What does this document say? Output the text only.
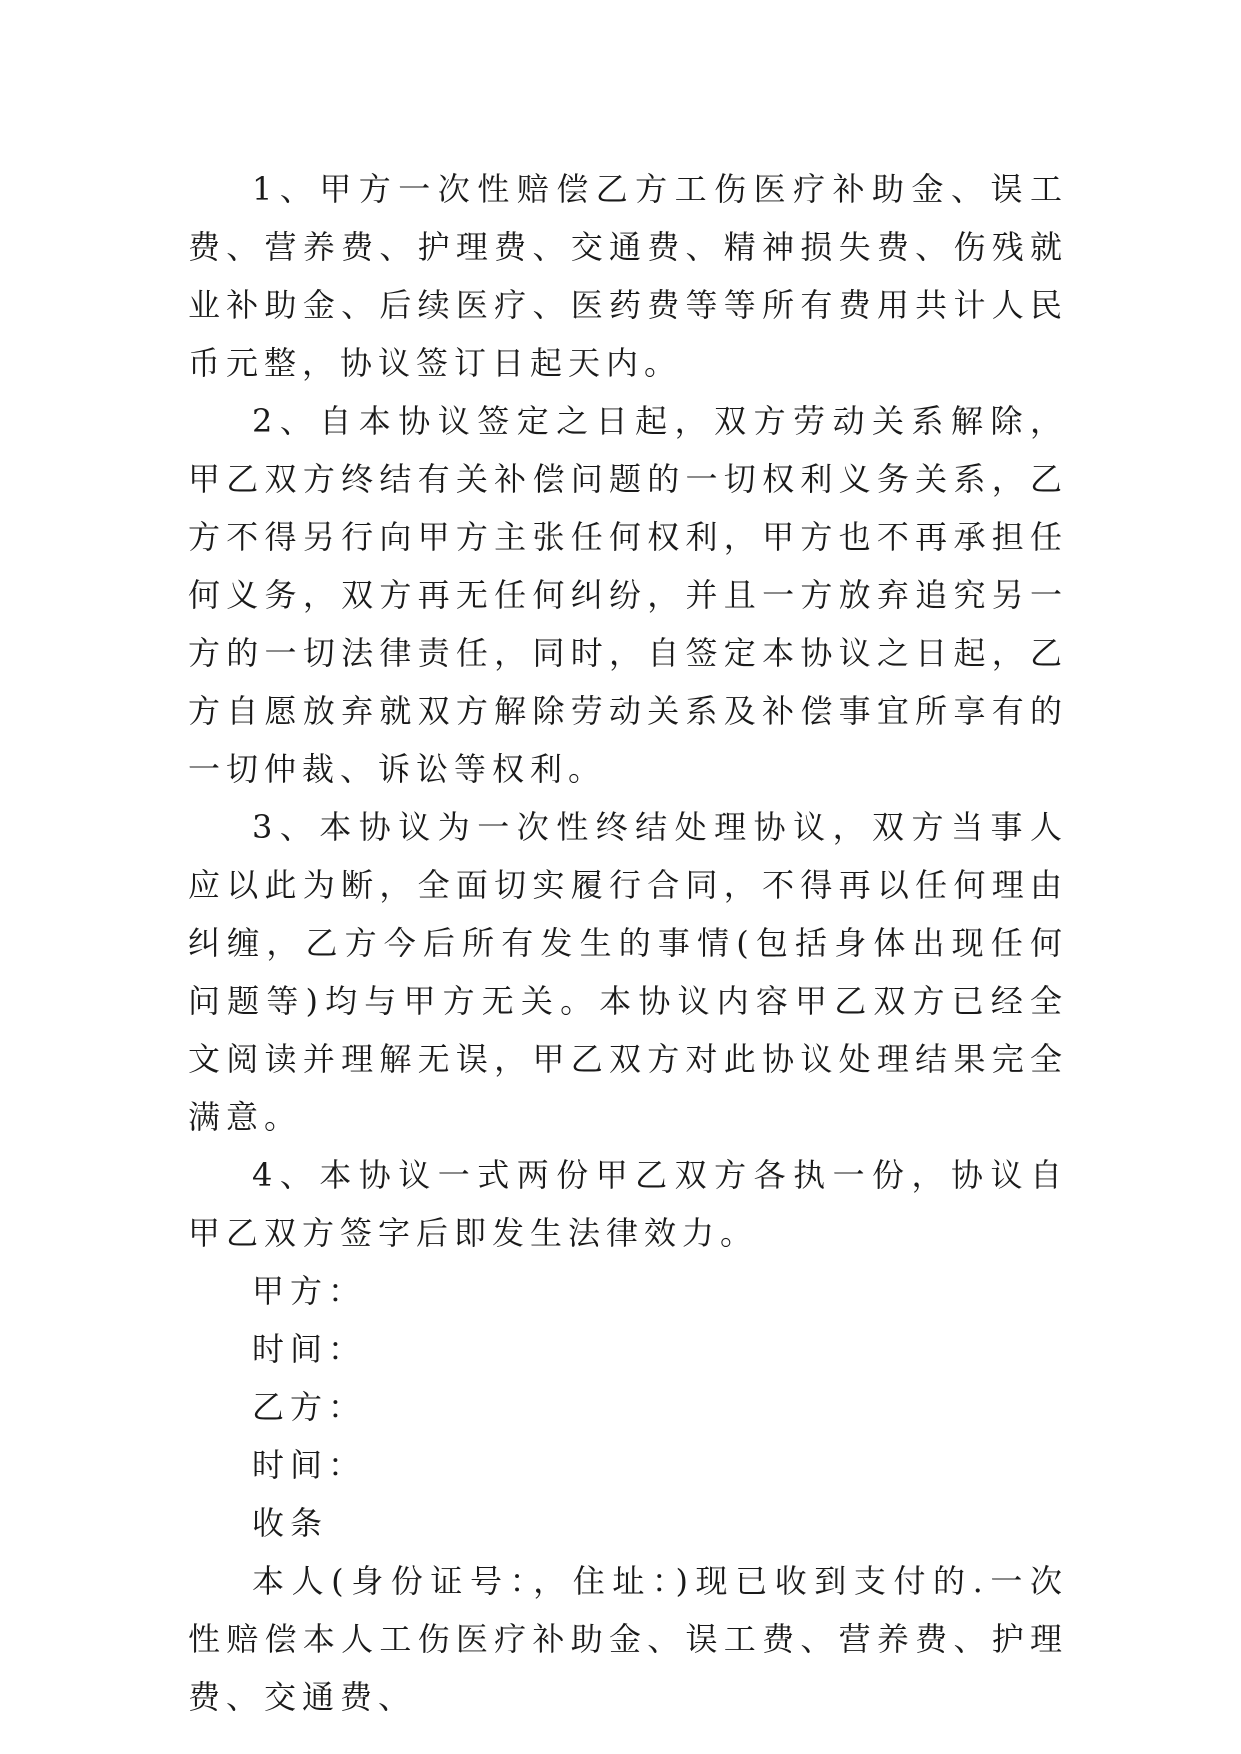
1、甲方一次性赔偿乙方工伤医疗补助金、误工费、营养费、护理费、交通费、精神损失费、伤残就业补助金、后续医疗、医药费等等所有费用共计人民币元整，协议签订日起天内。

2、自本协议签定之日起，双方劳动关系解除，甲乙双方终结有关补偿问题的一切权利义务关系，乙方不得另行向甲方主张任何权利，甲方也不再承担任何义务，双方再无任何纠纷，并且一方放弃追究另一方的一切法律责任，同时，自签定本协议之日起，乙方自愿放弃就双方解除劳动关系及补偿事宜所享有的一切仲裁、诉讼等权利。

3、本协议为一次性终结处理协议，双方当事人应以此为断，全面切实履行合同，不得再以任何理由纠缠，乙方今后所有发生的事情(包括身体出现任何问题等)均与甲方无关。本协议内容甲乙双方已经全文阅读并理解无误，甲乙双方对此协议处理结果完全满意。

4、本协议一式两份甲乙双方各执一份，协议自甲乙双方签字后即发生法律效力。

甲方：

时间：

乙方：

时间：

收条

本人(身份证号：，住址：)现已收到支付的.一次性赔偿本人工伤医疗补助金、误工费、营养费、护理费、交通费、
